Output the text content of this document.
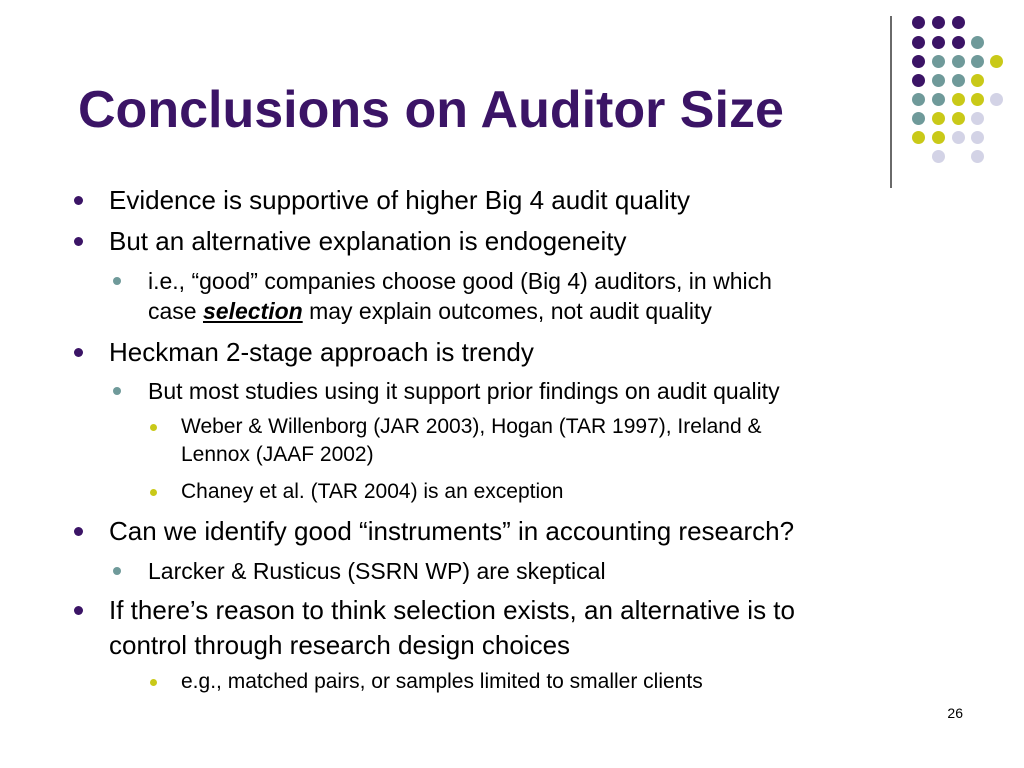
Conclusions on Auditor Size
Evidence is supportive of higher Big 4 audit quality
But an alternative explanation is endogeneity
i.e., “good” companies choose good (Big 4) auditors, in which
case selection may explain outcomes, not audit quality
Heckman 2-stage approach is trendy
But most studies using it support prior findings on audit quality
Weber & Willenborg (JAR 2003), Hogan (TAR 1997), Ireland &
Lennox (JAAF 2002)
Chaney et al. (TAR 2004) is an exception
Can we identify good “instruments” in accounting research?
Larcker & Rusticus (SSRN WP) are skeptical
If there’s reason to think selection exists, an alternative is to
control through research design choices
e.g., matched pairs, or samples limited to smaller clients
26
